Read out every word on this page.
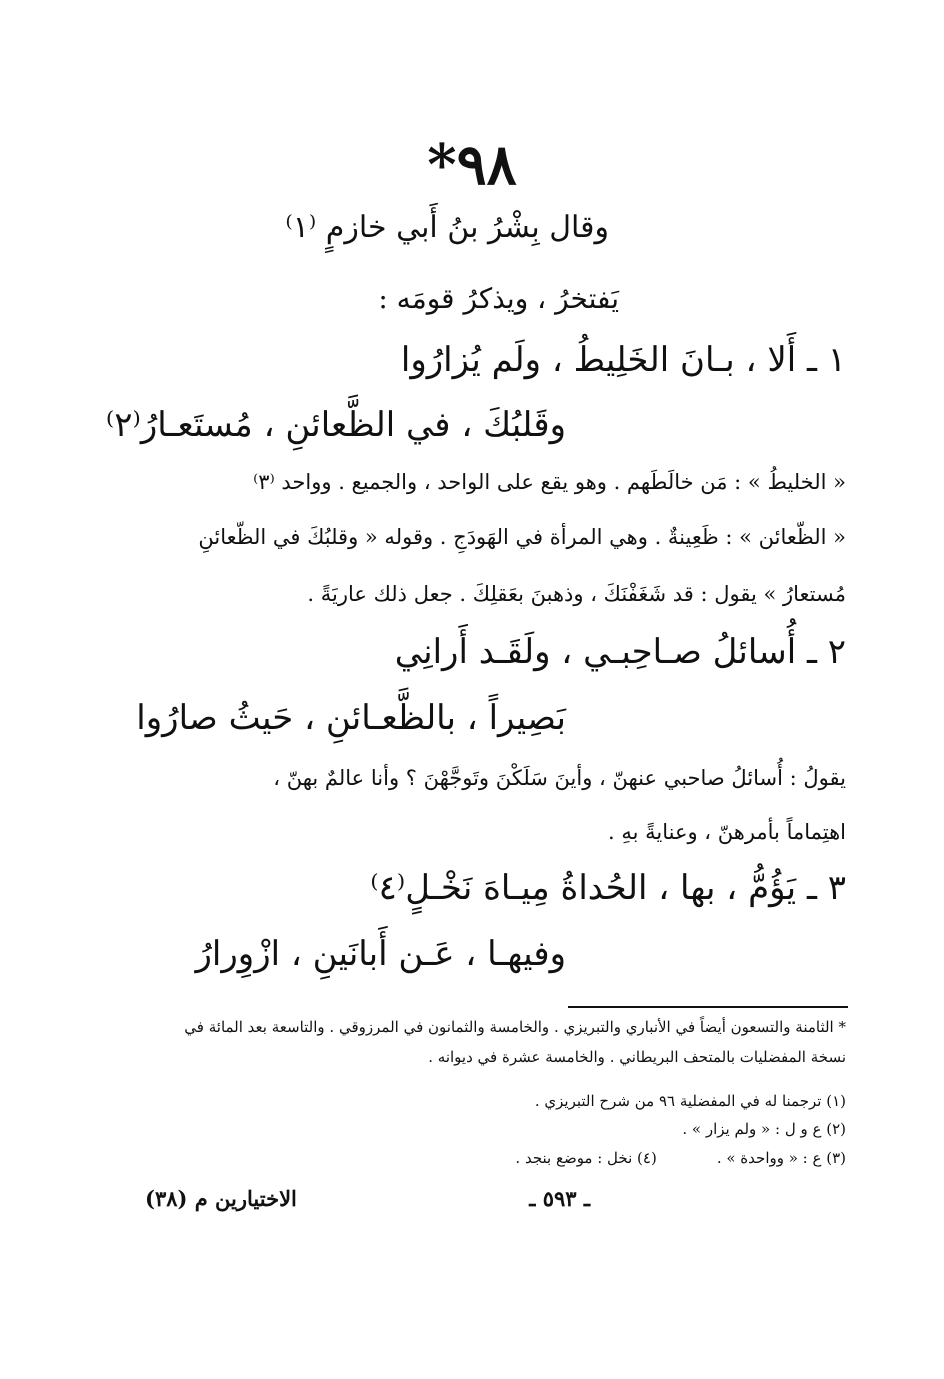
٩٨*
وقال بِشْرُ بنُ أَبي خازمٍ ⁽١⁾
يَفتخرُ ، ويذكرُ قومَه :
١ ـ أَلا ، بـانَ الخَلِيطُ ، ولَم يُزارُوا
وقَلبُكَ ، في الظَّعائنِ ، مُستَعـارُ⁽٢⁾
« الخليطُ » : مَن خالَطَهم . وهو يقع على الواحد ، والجميع . وواحد ⁽٣⁾
« الظّعائن » : ظَعِينةٌ . وهي المرأة في الهَودَجِ . وقوله « وقلبُكَ في الظّعائنِ
مُستعارُ » يقول : قد شَغَفْنَكَ ، وذهبنَ بعَقلِكَ . جعل ذلك عاريَةً .
٢ ـ أُسائلُ صـاحِبـي ، ولَقَـد أَرانِي
بَصِيراً ، بالظَّعـائنِ ، حَيثُ صارُوا
يقولُ : أُسائلُ صاحبي عنهنّ ، وأينَ سَلَكْنَ وتَوجَّهْنَ ؟ وأنا عالمٌ بهنّ ،
اهتِماماً بأمرهنّ ، وعنايةً بهِ .
٣ ـ يَؤُمُّ ، بها ، الحُداةُ مِيـاهَ نَخْـلٍ⁽٤⁾
وفيهـا ، عَـن أَبانَينِ ، ازْوِرارُ
* الثامنة والتسعون أيضاً في الأنباري والتبريزي . والخامسة والثمانون في المرزوقي . والتاسعة بعد المائة في
نسخة المفضليات بالمتحف البريطاني . والخامسة عشرة في ديوانه .
(١) ترجمنا له في المفضلية ٩٦ من شرح التبريزي .
(٢) ع و ل : « ولم يزار » .
(٣) ع : « وواحدة » .(٤) نخل : موضع بنجد .
ـ ٥٩٣ ـ
الاختيارين م (٣٨)
